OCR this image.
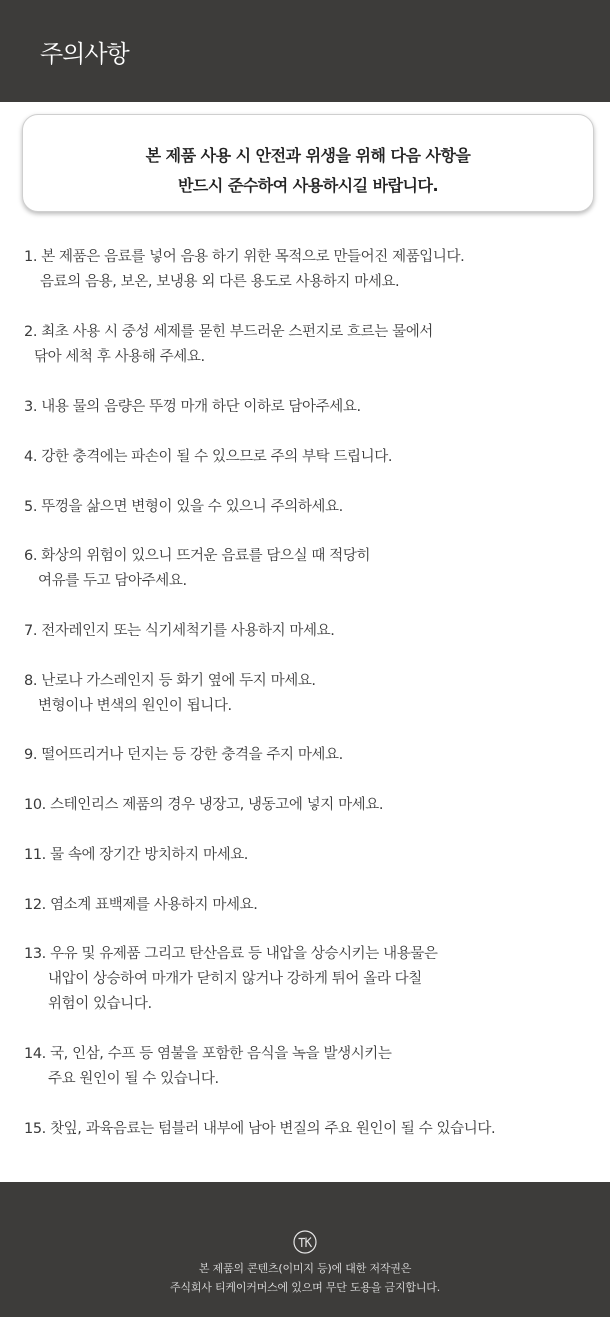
주의사항
본 제품 사용 시 안전과 위생을 위해 다음 사항을
반드시 준수하여 사용하시길 바랍니다.
1. 본 제품은 음료를 넣어 음용 하기 위한 목적으로 만들어진 제품입니다.
음료의 음용, 보온, 보냉용 외 다른 용도로 사용하지 마세요.
2. 최초 사용 시 중성 세제를 묻힌 부드러운 스펀지로 흐르는 물에서
닦아 세척 후 사용해 주세요.
3. 내용 물의 음량은 뚜껑 마개 하단 이하로 담아주세요.
4. 강한 충격에는 파손이 될 수 있으므로 주의 부탁 드립니다.
5. 뚜껑을 삶으면 변형이 있을 수 있으니 주의하세요.
6. 화상의 위험이 있으니 뜨거운 음료를 담으실 때 적당히
여유를 두고 담아주세요.
7. 전자레인지 또는 식기세척기를 사용하지 마세요.
8. 난로나 가스레인지 등 화기 옆에 두지 마세요.
변형이나 변색의 원인이 됩니다.
9. 떨어뜨리거나 던지는 등 강한 충격을 주지 마세요.
10. 스테인리스 제품의 경우 냉장고, 냉동고에 넣지 마세요.
11. 물 속에 장기간 방치하지 마세요.
12. 염소계 표백제를 사용하지 마세요.
13. 우유 및 유제품 그리고 탄산음료 등 내압을 상승시키는 내용물은
내압이 상승하여 마개가 닫히지 않거나 강하게 튀어 올라 다칠
위험이 있습니다.
14. 국, 인삼, 수프 등 염불을 포함한 음식을 녹을 발생시키는
주요 원인이 될 수 있습니다.
15. 찻잎, 과육음료는 텀블러 내부에 남아 변질의 주요 원인이 될 수 있습니다.
본 제품의 콘텐츠(이미지 등)에 대한 저작권은
주식회사 티케이커머스에 있으며 무단 도용을 금지합니다.
